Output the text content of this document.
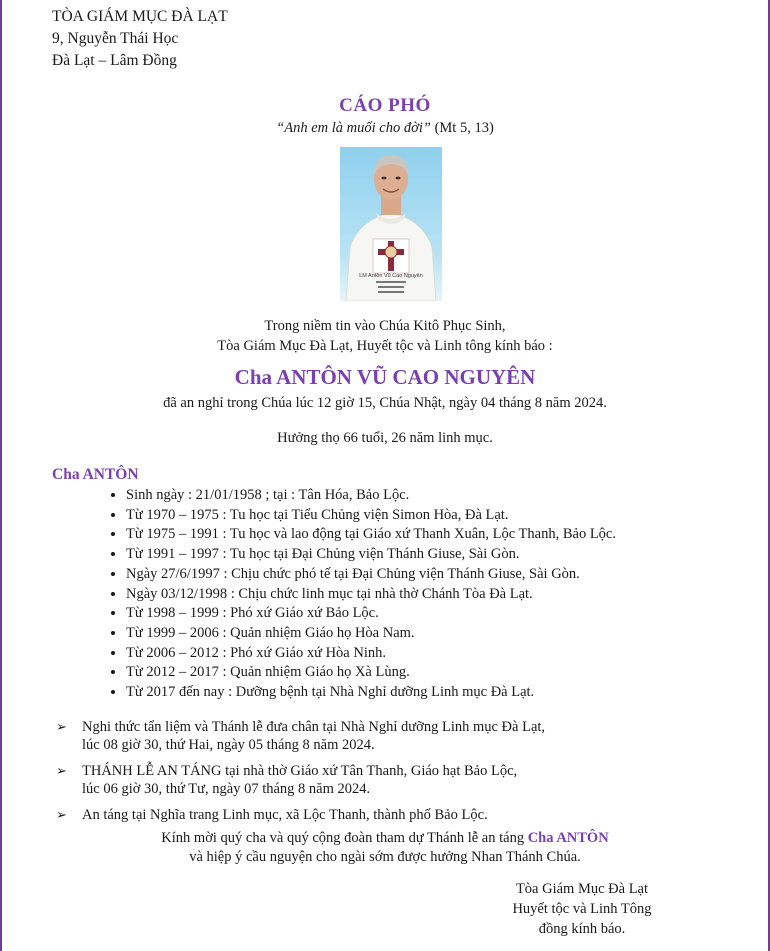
TÒA GIÁM MỤC ĐÀ LẠT
9, Nguyễn Thái Học
Đà Lạt – Lâm Đồng
CÁO PHÓ
“Anh em là muối cho đời” (Mt 5, 13)
LM Antôn Vũ Cao Nguyên
Trong niềm tin vào Chúa Kitô Phục Sinh,
Tòa Giám Mục Đà Lạt, Huyết tộc và Linh tông kính báo :
Cha ANTÔN VŨ CAO NGUYÊN
đã an nghỉ trong Chúa lúc 12 giờ 15, Chúa Nhật, ngày 04 tháng 8 năm 2024.
Hưởng thọ 66 tuổi, 26 năm linh mục.
Cha ANTÔN
• Sinh ngày : 21/01/1958 ; tại : Tân Hóa, Bảo Lộc.
• Từ 1970 – 1975 : Tu học tại Tiểu Chủng viện Simon Hòa, Đà Lạt.
• Từ 1975 – 1991 : Tu học và lao động tại Giáo xứ Thanh Xuân, Lộc Thanh, Bảo Lộc.
• Từ 1991 – 1997 : Tu học tại Đại Chủng viện Thánh Giuse, Sài Gòn.
• Ngày 27/6/1997 : Chịu chức phó tế tại Đại Chủng viện Thánh Giuse, Sài Gòn.
• Ngày 03/12/1998 : Chịu chức linh mục tại nhà thờ Chánh Tòa Đà Lạt.
• Từ 1998 – 1999 : Phó xứ Giáo xứ Bảo Lộc.
• Từ 1999 – 2006 : Quản nhiệm Giáo họ Hòa Nam.
• Từ 2006 – 2012 : Phó xứ Giáo xứ Hòa Ninh.
• Từ 2012 – 2017 : Quản nhiệm Giáo họ Xà Lùng.
• Từ 2017 đến nay : Dưỡng bệnh tại Nhà Nghỉ dưỡng Linh mục Đà Lạt.
➢ Nghi thức tẩn liệm và Thánh lễ đưa chân tại Nhà Nghỉ dưỡng Linh mục Đà Lạt,
lúc 08 giờ 30, thứ Hai, ngày 05 tháng 8 năm 2024.
➢ THÁNH LỄ AN TÁNG tại nhà thờ Giáo xứ Tân Thanh, Giáo hạt Bảo Lộc,
lúc 06 giờ 30, thứ Tư, ngày 07 tháng 8 năm 2024.
➢ An táng tại Nghĩa trang Linh mục, xã Lộc Thanh, thành phố Bảo Lộc.
Kính mời quý cha và quý cộng đoàn tham dự Thánh lễ an táng Cha ANTÔN
và hiệp ý cầu nguyện cho ngài sớm được hưởng Nhan Thánh Chúa.
Tòa Giám Mục Đà Lạt
Huyết tộc và Linh Tông
đồng kính báo.
